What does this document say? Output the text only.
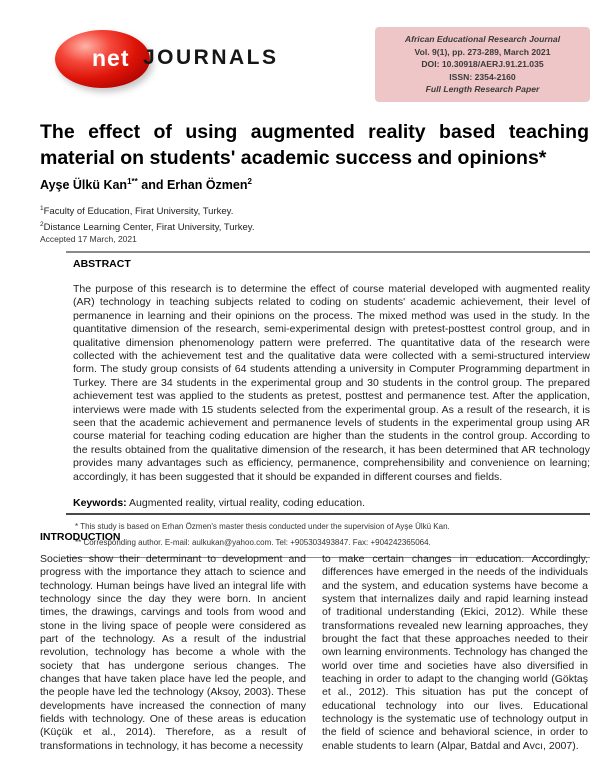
net JOURNALS
African Educational Research Journal
Vol. 9(1), pp. 273-289, March 2021
DOI: 10.30918/AERJ.91.21.035
ISSN: 2354-2160
Full Length Research Paper
The effect of using augmented reality based teaching
material on students' academic success and opinions*
Ayşe Ülkü Kan$^{1**}$ and Erhan Özmen$^2$
$^1$Faculty of Education, Firat University, Turkey.
$^2$Distance Learning Center, Firat University, Turkey.
Accepted 17 March, 2021
ABSTRACT

The purpose of this research is to determine the effect of course material developed with augmented reality (AR) technology in teaching subjects related to coding on students' academic achievement, their level of permanence in learning and their opinions on the process. The mixed method was used in the study. In the quantitative dimension of the research, semi-experimental design with pretest-posttest control group, and in qualitative dimension phenomenology pattern were preferred. The quantitative data of the research were collected with the achievement test and the qualitative data were collected with a semi-structured interview form. The study group consists of 64 students attending a university in Computer Programming department in Turkey. There are 34 students in the experimental group and 30 students in the control group. The prepared achievement test was applied to the students as pretest, posttest and permanence test. After the application, interviews were made with 15 students selected from the experimental group. As a result of the research, it is seen that the academic achievement and permanence levels of students in the experimental group using AR course material for teaching coding education are higher than the students in the control group. According to the results obtained from the qualitative dimension of the research, it has been determined that AR technology provides many advantages such as efficiency, permanence, comprehensibility and convenience on learning; accordingly, it has been suggested that it should be expanded in different courses and fields.

Keywords: Augmented reality, virtual reality, coding education.

* This study is based on Erhan Özmen's master thesis conducted under the supervision of Ayşe Ülkü Kan.

** Corresponding author. E-mail: aulkukan@yahoo.com. Tel: +905303493847. Fax: +904242365064.

INTRODUCTION

Societies show their determinant to development and progress with the importance they attach to science and technology. Human beings have lived an integral life with technology since the day they were born. In ancient times, the drawings, carvings and tools from wood and stone in the living space of people were considered as part of the technology. As a result of the industrial revolution, technology has become a whole with the society that has undergone serious changes. The changes that have taken place have led the people, and the people have led the technology (Aksoy, 2003). These developments have increased the connection of many fields with technology. One of these areas is education (Küçük et al., 2014). Therefore, as a result of transformations in technology, it has become a necessity

to make certain changes in education. Accordingly, differences have emerged in the needs of the individuals and the system, and education systems have become a system that internalizes daily and rapid learning instead of traditional understanding (Ekici, 2012). While these transformations revealed new learning approaches, they brought the fact that these approaches needed to their own learning environments. Technology has changed the world over time and societies have also diversified in teaching in order to adapt to the changing world (Göktaş et al., 2012). This situation has put the concept of educational technology into our lives. Educational technology is the systematic use of technology output in the field of science and behavioral science, in order to enable students to learn (Alpar, Batdal and Avcı, 2007).
